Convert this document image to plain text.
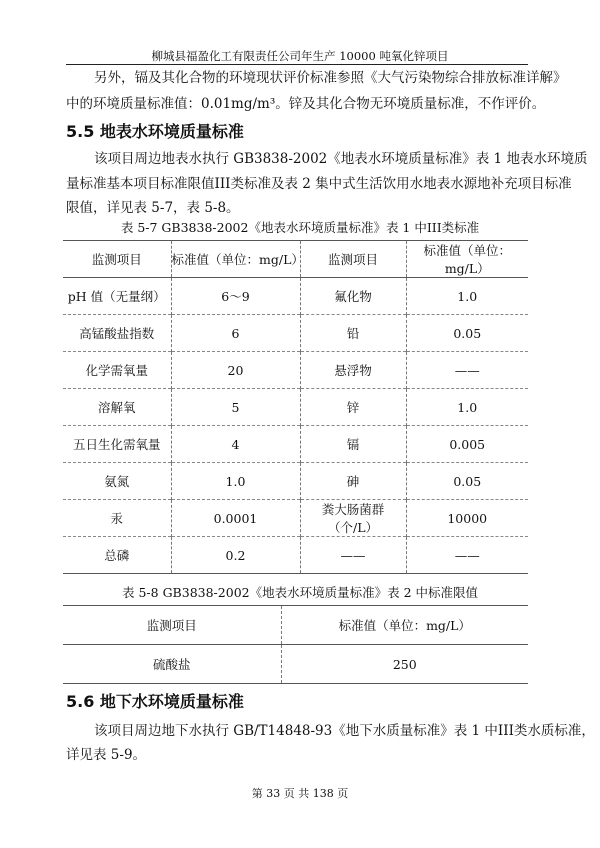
柳城县福盈化工有限责任公司年生产 10000 吨氧化锌项目
另外，镉及其化合物的环境现状评价标准参照《大气污染物综合排放标准详解》
中的环境质量标准值：0.01mg/m³。锌及其化合物无环境质量标准，不作评价。
5.5 地表水环境质量标准
该项目周边地表水执行 GB3838-2002《地表水环境质量标准》表 1 地表水环境质
量标准基本项目标准限值III类标准及表 2 集中式生活饮用水地表水源地补充项目标准
限值，详见表 5-7，表 5-8。
表 5-7 GB3838-2002《地表水环境质量标准》表 1 中III类标准
监测项目	标准值（单位：mg/L）	监测项目	标准值（单位：mg/L）
pH 值（无量纲）	6～9	氟化物	1.0
高锰酸盐指数	6	铅	0.05
化学需氧量	20	悬浮物	——
溶解氧	5	锌	1.0
五日生化需氧量	4	镉	0.005
氨氮	1.0	砷	0.05
汞	0.0001	粪大肠菌群（个/L）	10000
总磷	0.2	——	——
表 5-8 GB3838-2002《地表水环境质量标准》表 2 中标准限值
监测项目	标准值（单位：mg/L）
硫酸盐	250
5.6 地下水环境质量标准
该项目周边地下水执行 GB/T14848-93《地下水质量标准》表 1 中III类水质标准，
详见表 5-9。
第 33 页 共 138 页
